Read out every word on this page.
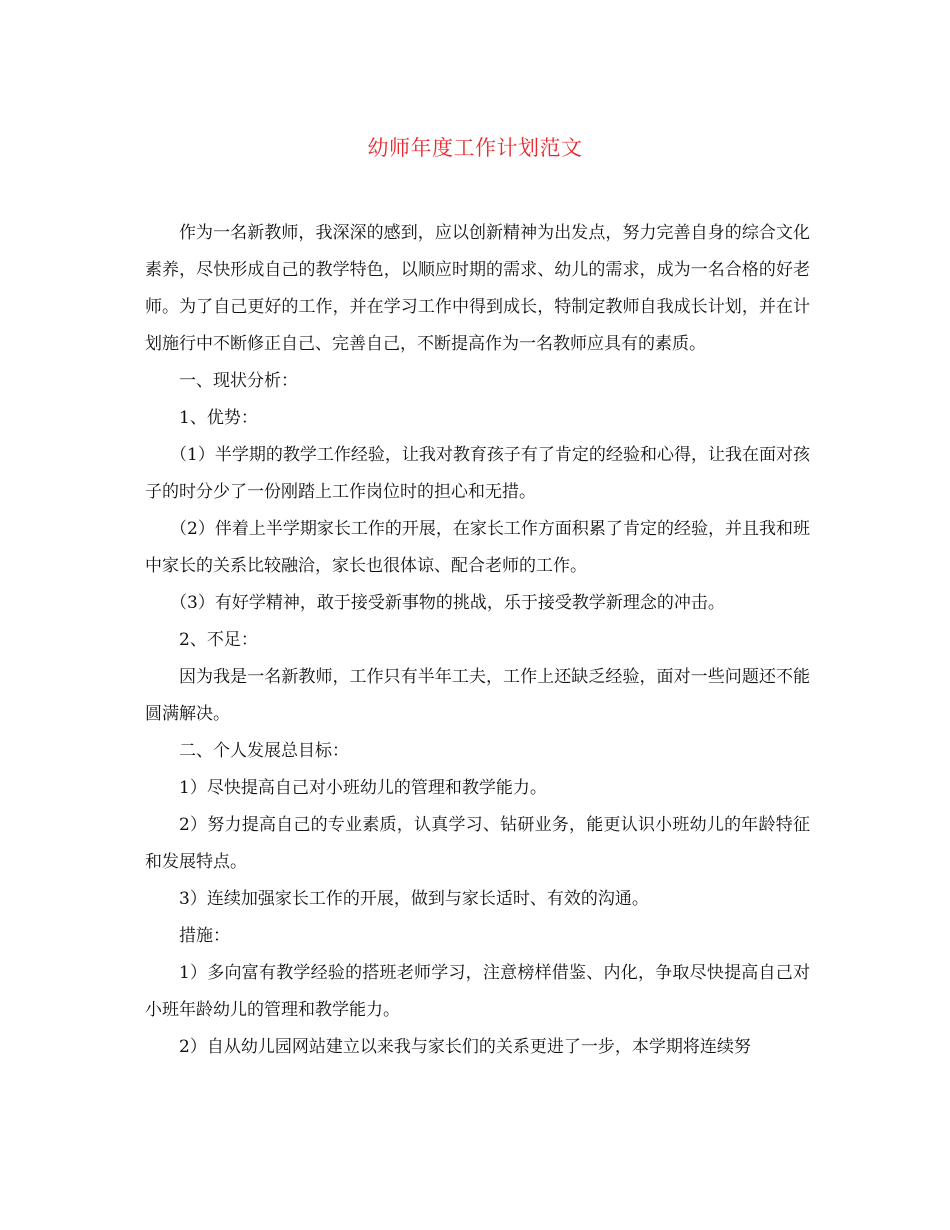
幼师年度工作计划范文

作为一名新教师，我深深的感到，应以创新精神为出发点，努力完善自身的综合文化素养，尽快形成自己的教学特色，以顺应时期的需求、幼儿的需求，成为一名合格的好老师。为了自己更好的工作，并在学习工作中得到成长，特制定教师自我成长计划，并在计划施行中不断修正自己、完善自己，不断提高作为一名教师应具有的素质。

一、现状分析：

1、优势：

（1）半学期的教学工作经验，让我对教育孩子有了肯定的经验和心得，让我在面对孩子的时分少了一份刚踏上工作岗位时的担心和无措。

（2）伴着上半学期家长工作的开展，在家长工作方面积累了肯定的经验，并且我和班中家长的关系比较融洽，家长也很体谅、配合老师的工作。

（3）有好学精神，敢于接受新事物的挑战，乐于接受教学新理念的冲击。

2、不足：

因为我是一名新教师，工作只有半年工夫，工作上还缺乏经验，面对一些问题还不能圆满解决。

二、个人发展总目标：

1）尽快提高自己对小班幼儿的管理和教学能力。

2）努力提高自己的专业素质，认真学习、钻研业务，能更认识小班幼儿的年龄特征和发展特点。

3）连续加强家长工作的开展，做到与家长适时、有效的沟通。

措施：

1）多向富有教学经验的搭班老师学习，注意榜样借鉴、内化，争取尽快提高自己对小班年龄幼儿的管理和教学能力。

2）自从幼儿园网站建立以来我与家长们的关系更进了一步，本学期将连续努
